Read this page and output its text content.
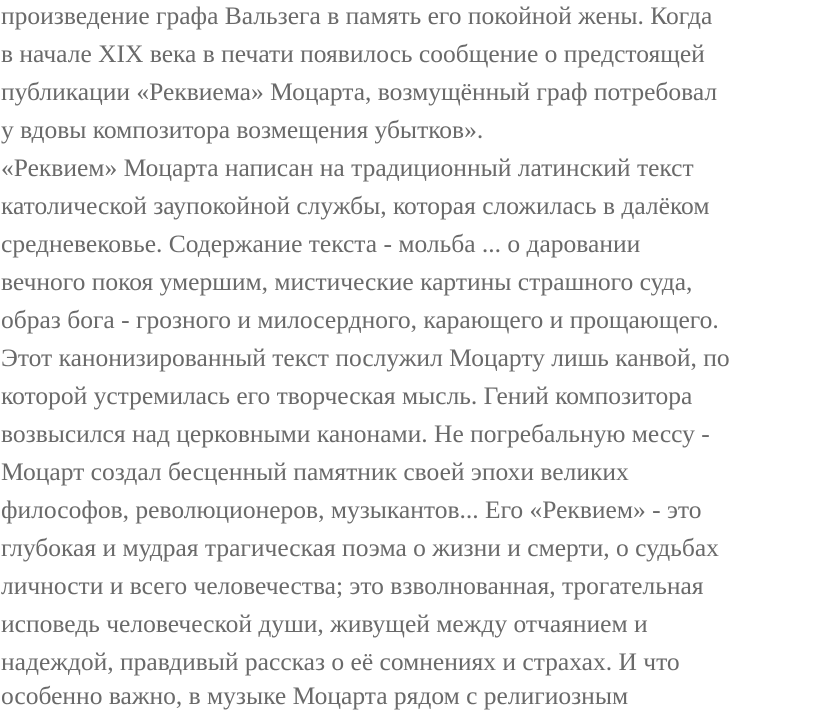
произведение графа Вальзега в память его покойной жены. Когда
в начале XIX века в печати появилось сообщение о предстоящей
публикации «Реквиема» Моцарта, возмущённый граф потребовал
у вдовы композитора возмещения убытков».
«Реквием» Моцарта написан на традиционный латинский текст
католической заупокойной службы, которая сложилась в далёком
средневековье. Содержание текста - мольба ... о даровании
вечного покоя умершим, мистические картины страшного суда,
образ бога - грозного и милосердного, карающего и прощающего.
Этот канонизированный текст послужил Моцарту лишь канвой, по
которой устремилась его творческая мысль. Гений композитора
возвысился над церковными канонами. Не погребальную мессу -
Моцарт создал бесценный памятник своей эпохи великих
философов, революционеров, музыкантов... Его «Реквием» - это
глубокая и мудрая трагическая поэма о жизни и смерти, о судьбах
личности и всего человечества; это взволнованная, трогательная
исповедь человеческой души, живущей между отчаянием и
надеждой, правдивый рассказ о её сомнениях и страхах. И что
особенно важно, в музыке Моцарта рядом с религиозным
